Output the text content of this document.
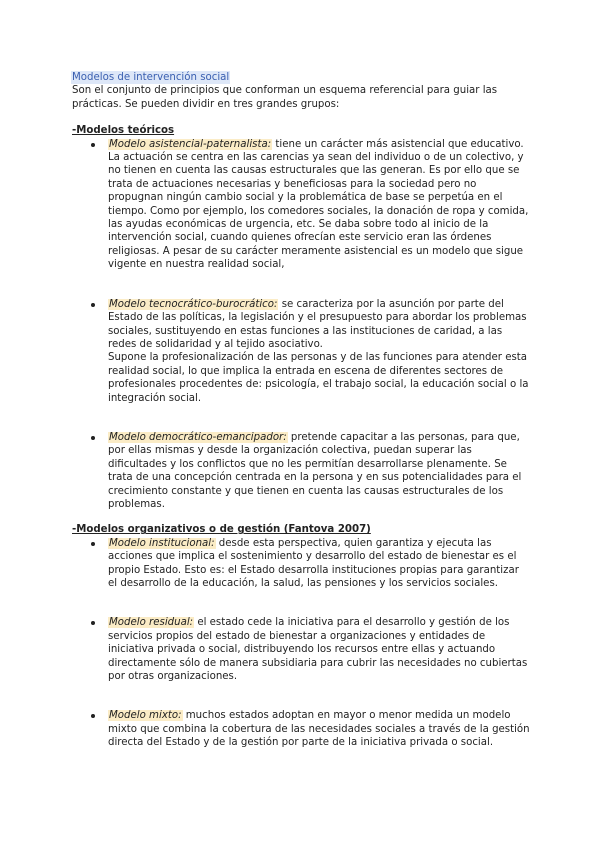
Modelos de intervención social

Son el conjunto de principios que conforman un esquema referencial para guiar las prácticas. Se pueden dividir en tres grandes grupos:

-Modelos teóricos

Modelo asistencial-paternalista: tiene un carácter más asistencial que educativo. La actuación se centra en las carencias ya sean del individuo o de un colectivo, y no tienen en cuenta las causas estructurales que las generan. Es por ello que se trata de actuaciones necesarias y beneficiosas para la sociedad pero no propugnan ningún cambio social y la problemática de base se perpetúa en el tiempo. Como por ejemplo, los comedores sociales, la donación de ropa y comida, las ayudas económicas de urgencia, etc. Se daba sobre todo al inicio de la intervención social, cuando quienes ofrecían este servicio eran las órdenes religiosas. A pesar de su carácter meramente asistencial es un modelo que sigue vigente en nuestra realidad social,
Modelo tecnocrático-burocrático: se caracteriza por la asunción por parte del Estado de las políticas, la legislación y el presupuesto para abordar los problemas sociales, sustituyendo en estas funciones a las instituciones de caridad, a las redes de solidaridad y al tejido asociativo.
Supone la profesionalización de las personas y de las funciones para atender esta realidad social, lo que implica la entrada en escena de diferentes sectores de profesionales procedentes de: psicología, el trabajo social, la educación social o la integración social.
Modelo democrático-emancipador: pretende capacitar a las personas, para que, por ellas mismas y desde la organización colectiva, puedan superar las dificultades y los conflictos que no les permitían desarrollarse plenamente. Se trata de una concepción centrada en la persona y en sus potencialidades para el crecimiento constante y que tienen en cuenta las causas estructurales de los problemas.

-Modelos organizativos o de gestión (Fantova 2007)

Modelo institucional: desde esta perspectiva, quien garantiza y ejecuta las acciones que implica el sostenimiento y desarrollo del estado de bienestar es el propio Estado. Esto es: el Estado desarrolla instituciones propias para garantizar el desarrollo de la educación, la salud, las pensiones y los servicios sociales.
Modelo residual: el estado cede la iniciativa para el desarrollo y gestión de los servicios propios del estado de bienestar a organizaciones y entidades de iniciativa privada o social, distribuyendo los recursos entre ellas y actuando directamente sólo de manera subsidiaria para cubrir las necesidades no cubiertas por otras organizaciones.
Modelo mixto: muchos estados adoptan en mayor o menor medida un modelo mixto que combina la cobertura de las necesidades sociales a través de la gestión directa del Estado y de la gestión por parte de la iniciativa privada o social.
